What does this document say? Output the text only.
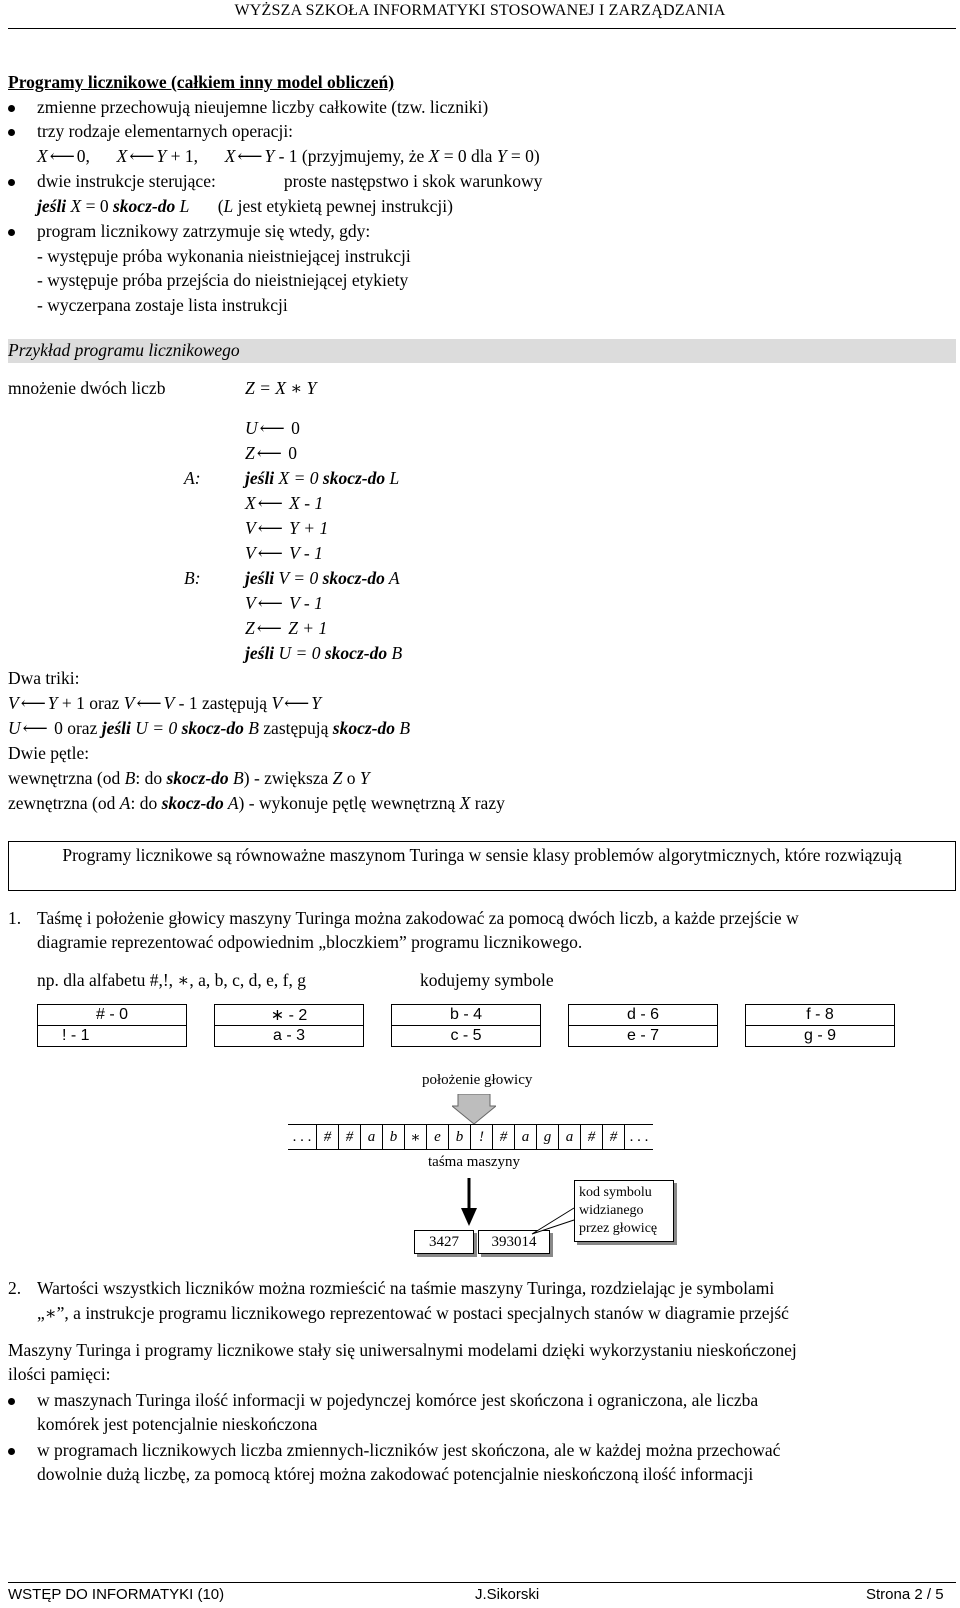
WYŻSZA SZKOŁA INFORMATYKI STOSOWANEJ I ZARZĄDZANIA
Programy licznikowe (całkiem inny model obliczeń)
zmienne przechowują nieujemne liczby całkowite (tzw. liczniki)
trzy rodzaje elementarnych operacji:
X ⟵ 0, X ⟵ Y + 1, X ⟵ Y - 1 (przyjmujemy, że X = 0 dla Y = 0)
dwie instrukcje sterujące:	proste następstwo i skok warunkowy
jeśli X = 0 skocz-do L (L jest etykietą pewnej instrukcji)
program licznikowy zatrzymuje się wtedy, gdy:
- występuje próba wykonania nieistniejącej instrukcji
- występuje próba przejścia do nieistniejącej etykiety
- wyczerpana zostaje lista instrukcji
Przykład programu licznikowego
mnożenie dwóch liczb	Z = X ∗ Y
U ⟵ 0
Z ⟵ 0
A:	jeśli X = 0 skocz-do L
X ⟵ X - 1
V ⟵ Y + 1
V ⟵ V - 1
B:	jeśli V = 0 skocz-do A
V ⟵ V - 1
Z ⟵ Z + 1
jeśli U = 0 skocz-do B
Dwa triki:
V ⟵ Y + 1 oraz V ⟵ V - 1 zastępują V ⟵ Y
U ⟵ 0 oraz jeśli U = 0 skocz-do B zastępują skocz-do B
Dwie pętle:
wewnętrzna (od B: do skocz-do B) - zwiększa Z o Y
zewnętrzna (od A: do skocz-do A) - wykonuje pętlę wewnętrzną X razy
Programy licznikowe są równoważne maszynom Turinga w sensie klasy problemów algorytmicznych, które rozwiązują
1. Taśmę i położenie głowicy maszyny Turinga można zakodować za pomocą dwóch liczb, a każde przejście w
diagramie reprezentować odpowiednim „bloczkiem” programu licznikowego.
np. dla alfabetu #,!, ∗, a, b, c, d, e, f, g	kodujemy symbole
# - 0
! - 1
∗ - 2
a - 3
b - 4
c - 5
d - 6
e - 7
f - 8
g - 9
położenie głowicy
. . .	#	#	a	b	∗	e	b	!	#	a	g	a	#	#	. . .
taśma maszyny
3427	393014
kod symbolu widzianego przez głowicę
2. Wartości wszystkich liczników można rozmieścić na taśmie maszyny Turinga, rozdzielając je symbolami
„∗”, a instrukcje programu licznikowego reprezentować w postaci specjalnych stanów w diagramie przejść
Maszyny Turinga i programy licznikowe stały się uniwersalnymi modelami dzięki wykorzystaniu nieskończonej
ilości pamięci:
w maszynach Turinga ilość informacji w pojedynczej komórce jest skończona i ograniczona, ale liczba
komórek jest potencjalnie nieskończona
w programach licznikowych liczba zmiennych-liczników jest skończona, ale w każdej można przechować
dowolnie dużą liczbę, za pomocą której można zakodować potencjalnie nieskończoną ilość informacji
WSTĘP DO INFORMATYKI (10)	J.Sikorski	Strona 2 / 5
